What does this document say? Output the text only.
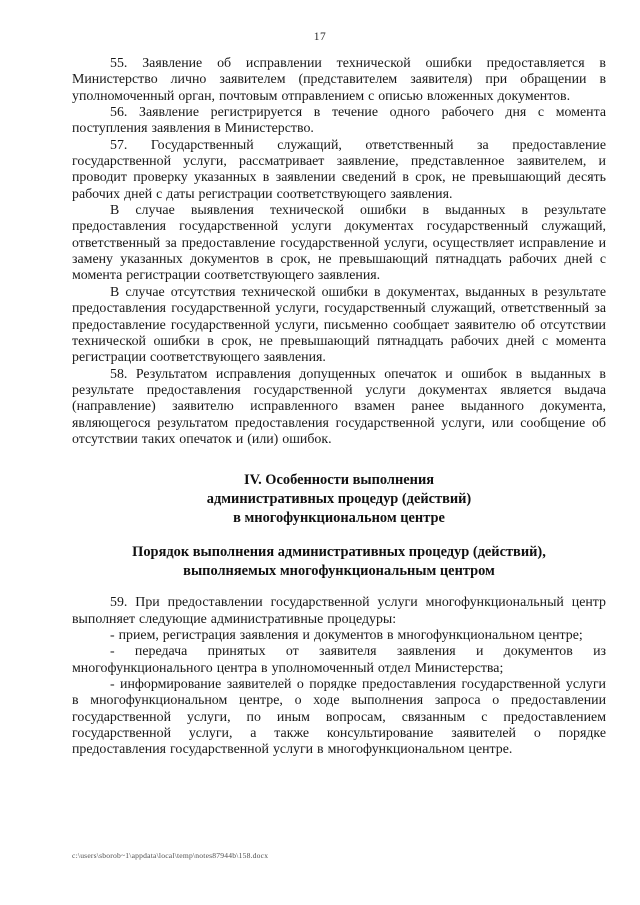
17

55. Заявление об исправлении технической ошибки предоставляется в Министерство лично заявителем (представителем заявителя) при обращении в уполномоченный орган, почтовым отправлением с описью вложенных документов.

56. Заявление регистрируется в течение одного рабочего дня с момента поступления заявления в Министерство.

57. Государственный служащий, ответственный за предоставление государственной услуги, рассматривает заявление, представленное заявителем, и проводит проверку указанных в заявлении сведений в срок, не превышающий десять рабочих дней с даты регистрации соответствующего заявления.

В случае выявления технической ошибки в выданных в результате предоставления государственной услуги документах государственный служащий, ответственный за предоставление государственной услуги, осуществляет исправление и замену указанных документов в срок, не превышающий пятнадцать рабочих дней с момента регистрации соответствующего заявления.

В случае отсутствия технической ошибки в документах, выданных в результате предоставления государственной услуги, государственный служащий, ответственный за предоставление государственной услуги, письменно сообщает заявителю об отсутствии технической ошибки в срок, не превышающий пятнадцать рабочих дней с момента регистрации соответствующего заявления.

58. Результатом исправления допущенных опечаток и ошибок в выданных в результате предоставления государственной услуги документах является выдача (направление) заявителю исправленного взамен ранее выданного документа, являющегося результатом предоставления государственной услуги, или сообщение об отсутствии таких опечаток и (или) ошибок.

IV. Особенности выполнения
административных процедур (действий)
в многофункциональном центре
Порядок выполнения административных процедур (действий),
выполняемых многофункциональным центром

59. При предоставлении государственной услуги многофункциональный центр выполняет следующие административные процедуры:

- прием, регистрация заявления и документов в многофункциональном центре;

- передача принятых от заявителя заявления и документов из многофункционального центра в уполномоченный отдел Министерства;

- информирование заявителей о порядке предоставления государственной услуги в многофункциональном центре, о ходе выполнения запроса о предоставлении государственной услуги, по иным вопросам, связанным с предоставлением государственной услуги, а также консультирование заявителей о порядке предоставления государственной услуги в многофункциональном центре.

c:\users\sborob~1\appdata\local\temp\notes87944b\158.docx
